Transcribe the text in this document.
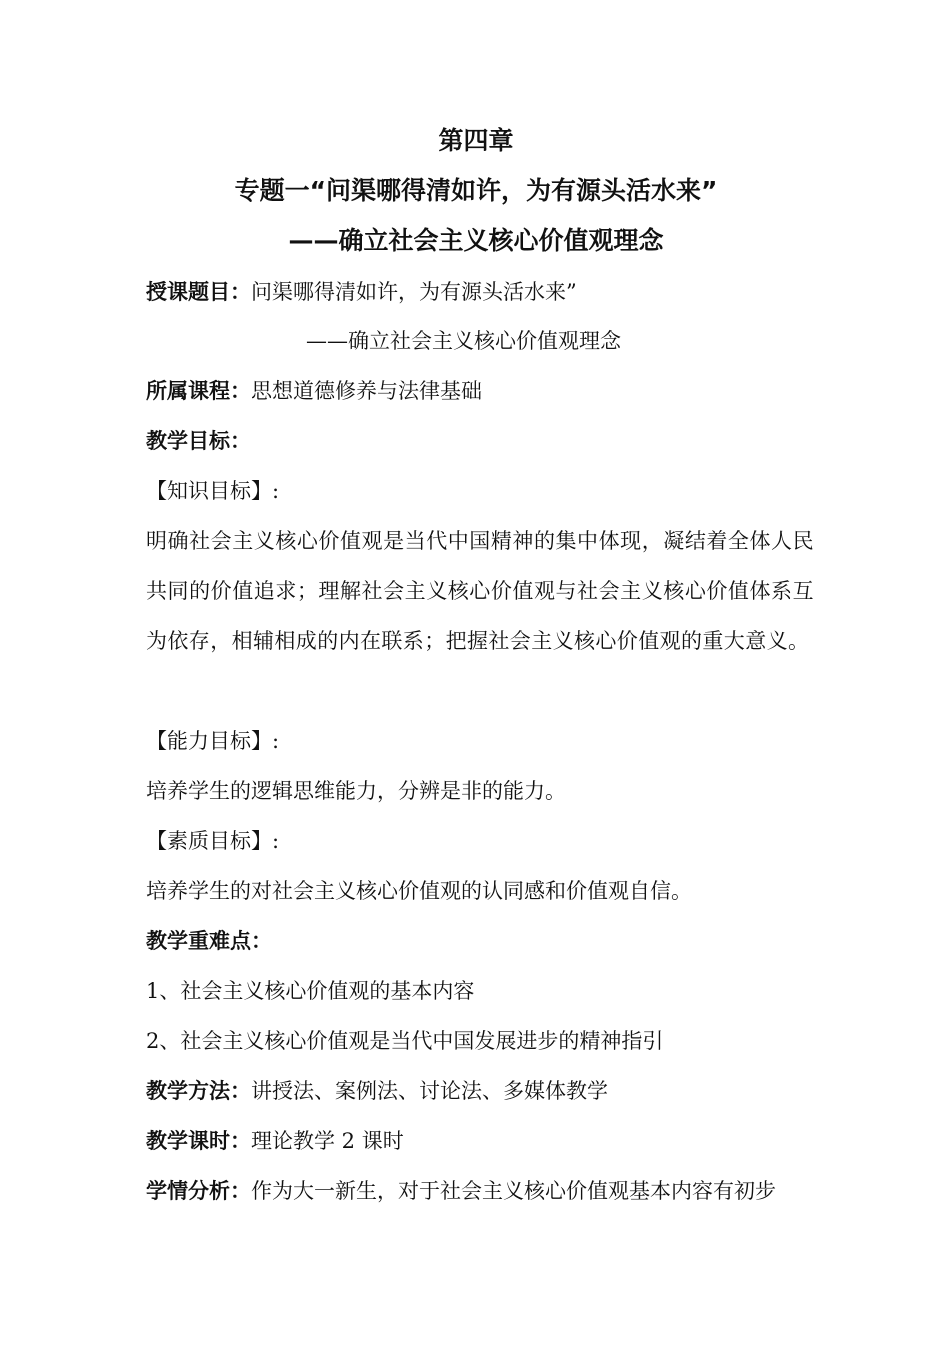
第四章
专题一“问渠哪得清如许，为有源头活水来”
——确立社会主义核心价值观理念
授课题目：问渠哪得清如许，为有源头活水来”
——确立社会主义核心价值观理念
所属课程：思想道德修养与法律基础
教学目标：
【知识目标】:
明确社会主义核心价值观是当代中国精神的集中体现，凝结着全体人民共同的价值追求；理解社会主义核心价值观与社会主义核心价值体系互为依存，相辅相成的内在联系；把握社会主义核心价值观的重大意义。
【能力目标】:
培养学生的逻辑思维能力，分辨是非的能力。
【素质目标】:
培养学生的对社会主义核心价值观的认同感和价值观自信。
教学重难点：
1、社会主义核心价值观的基本内容
2、社会主义核心价值观是当代中国发展进步的精神指引
教学方法：讲授法、案例法、讨论法、多媒体教学
教学课时：理论教学 2 课时
学情分析：作为大一新生，对于社会主义核心价值观基本内容有初步
